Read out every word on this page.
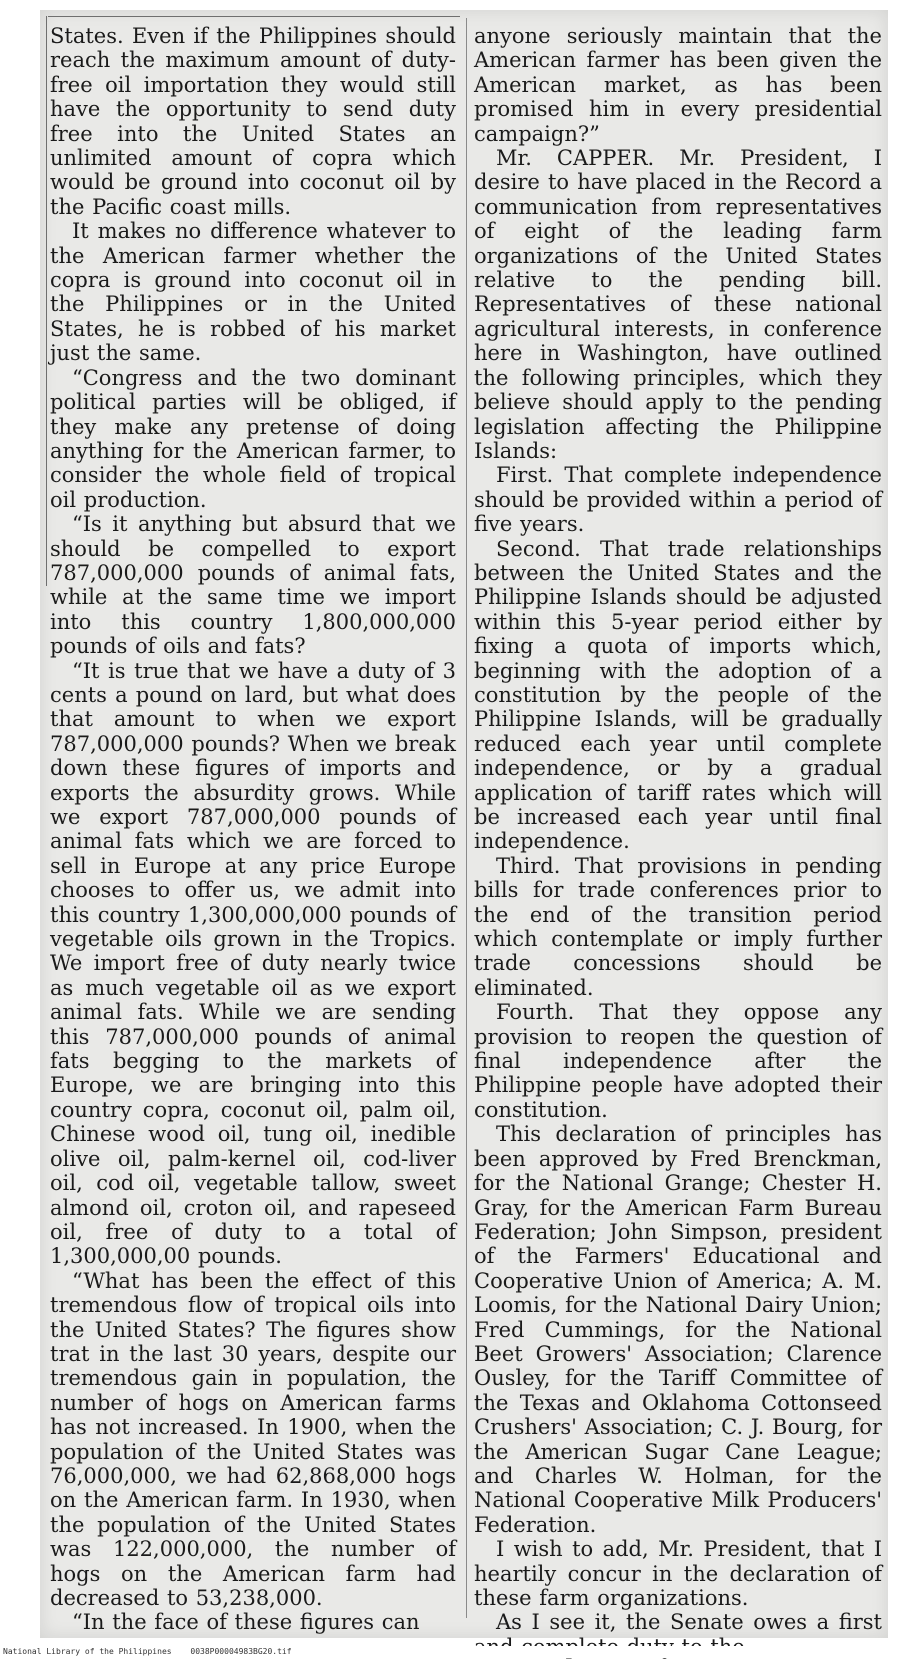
States. Even if the Philippines should reach the maximum amount of duty-free oil importation they would still have the opportunity to send duty free into the United States an unlimited amount of copra which would be ground into coconut oil by the Pacific coast mills.

It makes no difference whatever to the American farmer whether the copra is ground into coconut oil in the Philippines or in the United States, he is robbed of his market just the same.

“Congress and the two dominant political parties will be obliged, if they make any pretense of doing anything for the American farmer, to consider the whole field of tropical oil production.

“Is it anything but absurd that we should be compelled to export 787,000,000 pounds of animal fats, while at the same time we import into this country 1,800,000,000 pounds of oils and fats?

“It is true that we have a duty of 3 cents a pound on lard, but what does that amount to when we export 787,000,000 pounds? When we break down these figures of imports and exports the absurdity grows. While we export 787,000,000 pounds of animal fats which we are forced to sell in Europe at any price Europe chooses to offer us, we admit into this country 1,300,000,000 pounds of vegetable oils grown in the Tropics. We import free of duty nearly twice as much vegetable oil as we export animal fats. While we are sending this 787,000,000 pounds of animal fats begging to the markets of Europe, we are bringing into this country copra, coconut oil, palm oil, Chinese wood oil, tung oil, inedible olive oil, palm-kernel oil, cod-liver oil, cod oil, vegetable tallow, sweet almond oil, croton oil, and rapeseed oil, free of duty to a total of 1,300,000,00 pounds.

“What has been the effect of this tremendous flow of tropical oils into the United States? The figures show trat in the last 30 years, despite our tremendous gain in population, the number of hogs on American farms has not increased. In 1900, when the population of the United States was 76,000,000, we had 62,868,000 hogs on the American farm. In 1930, when the population of the United States was 122,000,000, the number of hogs on the American farm had decreased to 53,238,000.

“In the face of these figures can

anyone seriously maintain that the American farmer has been given the American market, as has been promised him in every presidential campaign?”

Mr. CAPPER. Mr. President, I desire to have placed in the Record a communication from representatives of eight of the leading farm organizations of the United States relative to the pending bill. Representatives of these national agricultural interests, in conference here in Washington, have outlined the following principles, which they believe should apply to the pending legislation affecting the Philippine Islands:

First. That complete independence should be provided within a period of five years.

Second. That trade relationships between the United States and the Philippine Islands should be adjusted within this 5-year period either by fixing a quota of imports which, beginning with the adoption of a constitution by the people of the Philippine Islands, will be gradually reduced each year until complete independence, or by a gradual application of tariff rates which will be increased each year until final independence.

Third. That provisions in pending bills for trade conferences prior to the end of the transition period which contemplate or imply further trade concessions should be eliminated.

Fourth. That they oppose any provision to reopen the question of final independence after the Philippine people have adopted their constitution.

This declaration of principles has been approved by Fred Brenckman, for the National Grange; Chester H. Gray, for the American Farm Bureau Federation; John Simpson, president of the Farmers' Educational and Cooperative Union of America; A. M. Loomis, for the National Dairy Union; Fred Cummings, for the National Beet Growers' Association; Clarence Ousley, for the Tariff Committee of the Texas and Oklahoma Cottonseed Crushers' Association; C. J. Bourg, for the American Sugar Cane League; and Charles W. Holman, for the National Cooperative Milk Producers' Federation.

I wish to add, Mr. President, that I heartily concur in the declaration of these farm organizations.

As I see it, the Senate owes a first

National Library of the Philippines 0038P00004983BG20.tif
